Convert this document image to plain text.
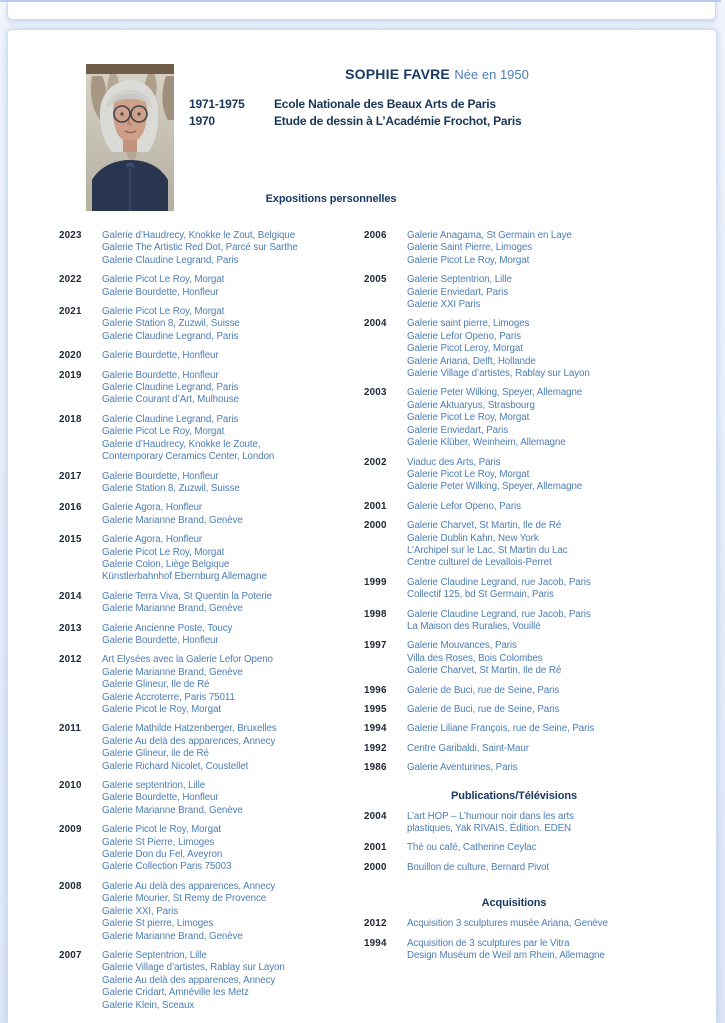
SOPHIE FAVRE Née en 1950
1971-1975	Ecole Nationale des Beaux Arts de Paris
1970	Etude de dessin à L’Académie Frochot, Paris
Expositions personnelles
2023	Galerie d’Haudrecy, Knokke le Zout, Belgique
Galerie The Artistic Red Dot, Parcé sur Sarthe
Galerie Claudine Legrand, Paris
2022	Galerie Picot Le Roy, Morgat
Galerie Bourdette, Honfleur
2021	Galerie Picot Le Roy, Morgat
Galerie Station 8, Zuzwil, Suisse
Galerie Claudine Legrand, Paris
2020	Galerie Bourdette, Honfleur
2019	Galerie Bourdette, Honfleur
Galerie Claudine Legrand, Paris
Galerie Courant d’Art, Mulhouse
2018	Galerie Claudine Legrand, Paris
Galerie Picot Le Roy, Morgat
Galerie d’Haudrecy, Knokke le Zoute,
Contemporary Ceramics Center, London
2017	Galerie Bourdette, Honfleur
Galerie Station 8, Zuzwil, Suisse
2016	Galerie Agora, Honfleur
Galerie Marianne Brand, Genève
2015	Galerie Agora, Honfleur
Galerie Picot Le Roy, Morgat
Galerie Colon, Liège Belgique
Künstlerbahnhof Ebernburg Allemagne
2014	Galerie Terra Viva, St Quentin la Poterie
Galerie Marianne Brand, Genève
2013	Galerie Ancienne Poste, Toucy
Galerie Bourdette, Honfleur
2012	Art Elysées avec la Galerie Lefor Openo
Galerie Marianne Brand, Genève
Galerie Glineur, Ile de Ré
Galerie Accroterre, Paris 75011
Galerie Picot le Roy, Morgat
2011	Galerie Mathilde Hatzenberger, Bruxelles
Galerie Au delà des apparences, Annecy
Galerie Glineur, ile de Ré
Galerie Richard Nicolet, Coustellet
2010	Galerie septentrion, Lille
Galerie Bourdette, Honfleur
Galerie Marianne Brand, Genève
2009	Galerie Picot le Roy, Morgat
Galerie St Pierre, Limoges
Galerie Don du Fel, Aveyron
Galerie Collection Paris 75003
2008	Galerie Au delà des apparences, Annecy
Galerie Mourier, St Remy de Provence
Galerie XXI, Paris
Galerie St pierre, Limoges
Galerie Marianne Brand, Genève
2007	Galerie Septentrion, Lille
Galerie Village d’artistes, Rablay sur Layon
Galerie Au delà des apparences, Annecy
Galerie Cridart, Amnéville les Metz
Galerie Klein, Sceaux
2006	Galerie Anagama, St Germain en Laye
Galerie Saint Pierre, Limoges
Galerie Picot Le Roy, Morgat
2005	Galerie Septentrion, Lille
Galerie Enviedart, Paris
Galerie XXI Paris
2004	Galerie saint pierre, Limoges
Galerie Lefor Openo, Paris
Galerie Picot Leroy, Morgat
Galerie Ariana, Delft, Hollande
Galerie Village d’artistes, Rablay sur Layon
2003	Galerie Peter Wilking, Speyer, Allemagne
Galerie Aktuaryus, Strasbourg
Galerie Picot Le Roy, Morgat
Galerie Enviedart, Paris
Galerie Klüber, Weinheim, Allemagne
2002	Viaduc des Arts, Paris
Galerie Picot Le Roy, Morgat
Galerie Peter Wilking, Speyer, Allemagne
2001	Galerie Lefor Openo, Paris
2000	Galerie Charvet, St Martin, Ile de Ré
Galerie Dublin Kahn, New York
L’Archipel sur le Lac, St Martin du Lac
Centre culturel de Levallois-Perret
1999	Galerie Claudine Legrand, rue Jacob, Paris
Collectif 125, bd St Germain, Paris
1998	Galerie Claudine Legrand, rue Jacob, Paris
La Maison des Ruralies, Vouillé
1997	Galerie Mouvances, Paris
Villa des Roses, Bois Colombes
Galerie Charvet, St Martin, Ile de Ré
1996	Galerie de Buci, rue de Seine, Paris
1995	Galerie de Buci, rue de Seine, Paris
1994	Galerie Liliane François, rue de Seine, Paris
1992	Centre Garibaldi, Saint-Maur
1986	Galerie Aventurines, Paris
Publications/Télévisions
2004	L’art HOP – L’humour noir dans les arts
plastiques, Yak RIVAIS, Édition. EDEN
2001	Thé ou café, Catherine Ceylac
2000	Bouillon de culture, Bernard Pivot
Acquisitions
2012	Acquisition 3 sculptures musée Ariana, Genève
1994	Acquisition de 3 sculptures par le Vitra
Design Muséum de Weil am Rhein, Allemagne
